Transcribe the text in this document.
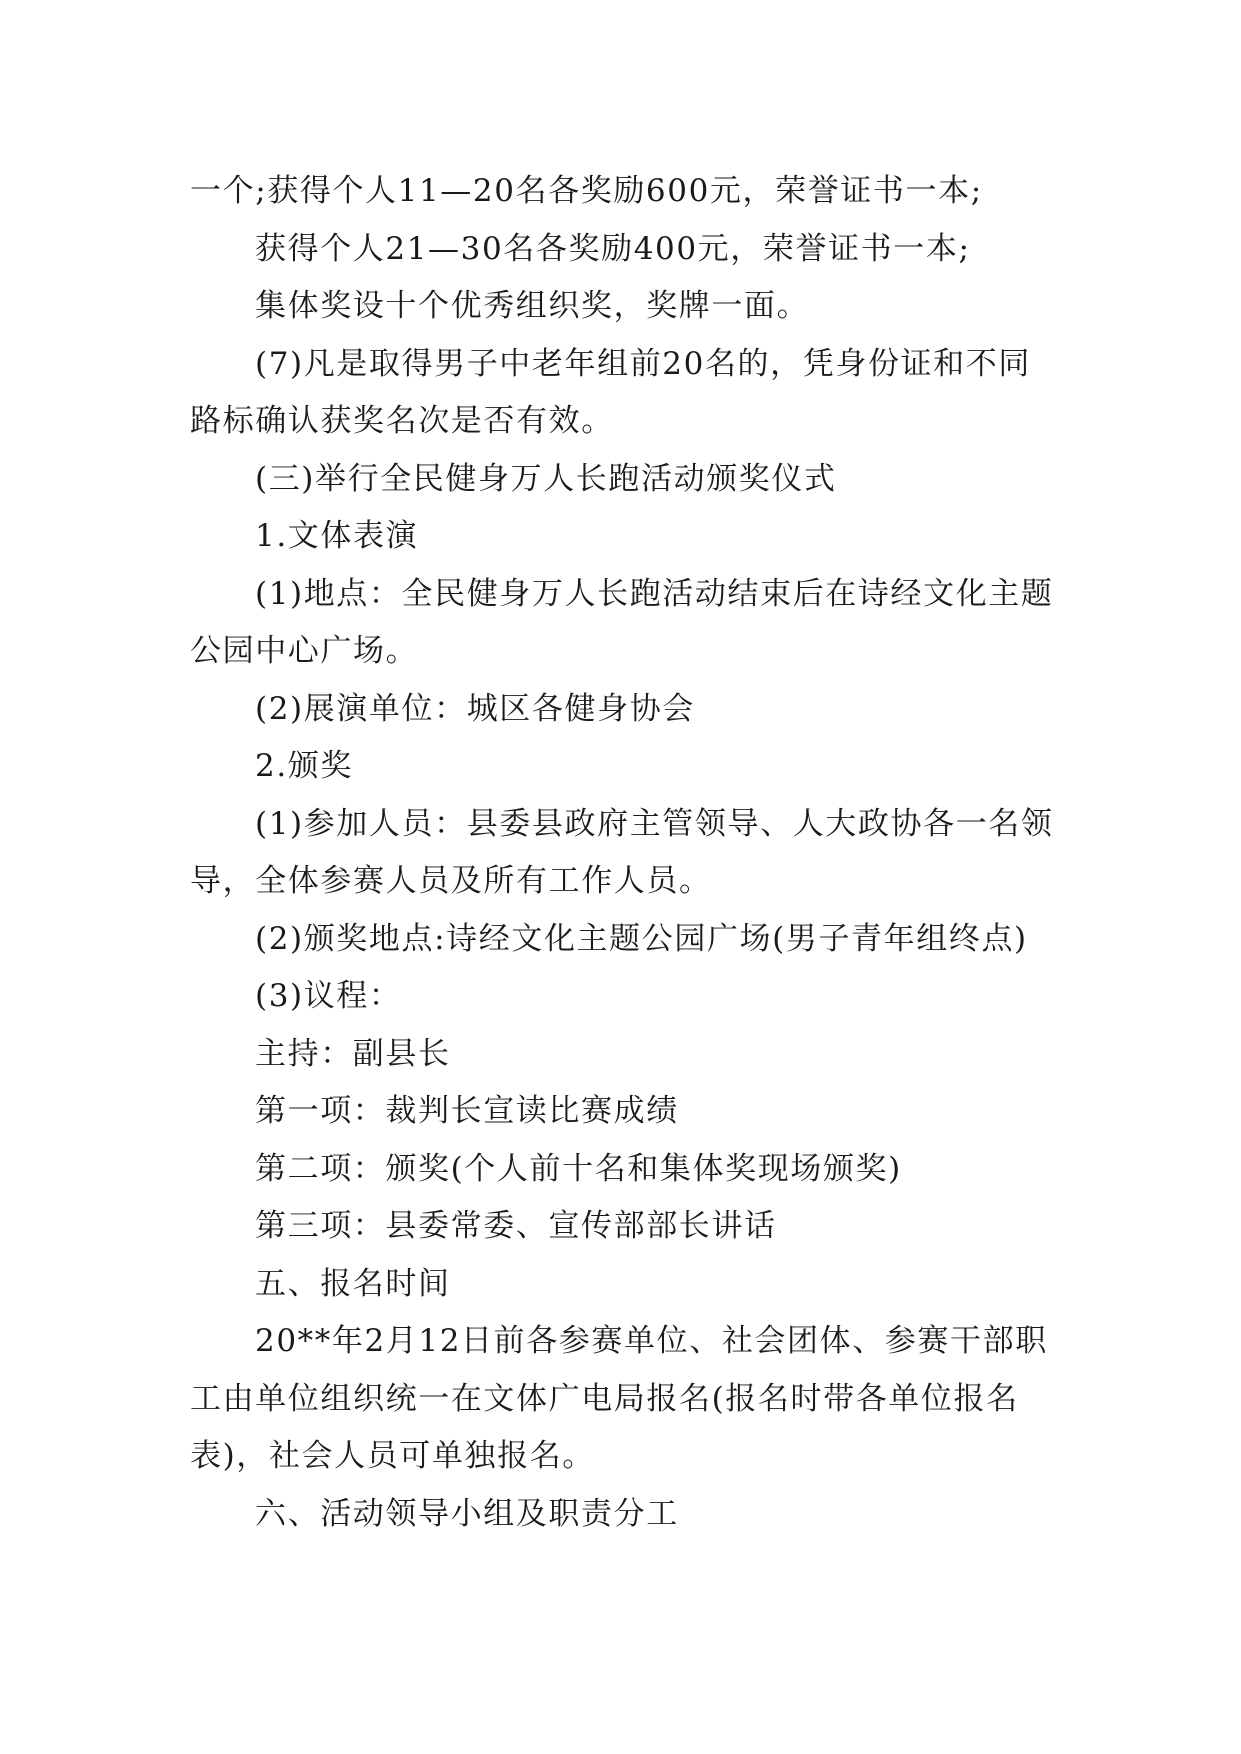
一个;获得个人11—20名各奖励600元，荣誉证书一本;

获得个人21—30名各奖励400元，荣誉证书一本;

集体奖设十个优秀组织奖，奖牌一面。

(7)凡是取得男子中老年组前20名的，凭身份证和不同路标确认获奖名次是否有效。

(三)举行全民健身万人长跑活动颁奖仪式

1.文体表演

(1)地点：全民健身万人长跑活动结束后在诗经文化主题公园中心广场。

(2)展演单位：城区各健身协会

2.颁奖

(1)参加人员：县委县政府主管领导、人大政协各一名领导，全体参赛人员及所有工作人员。

(2)颁奖地点:诗经文化主题公园广场(男子青年组终点)

(3)议程：

主持：副县长

第一项：裁判长宣读比赛成绩

第二项：颁奖(个人前十名和集体奖现场颁奖)

第三项：县委常委、宣传部部长讲话

五、报名时间

20**年2月12日前各参赛单位、社会团体、参赛干部职工由单位组织统一在文体广电局报名(报名时带各单位报名表)，社会人员可单独报名。

六、活动领导小组及职责分工
